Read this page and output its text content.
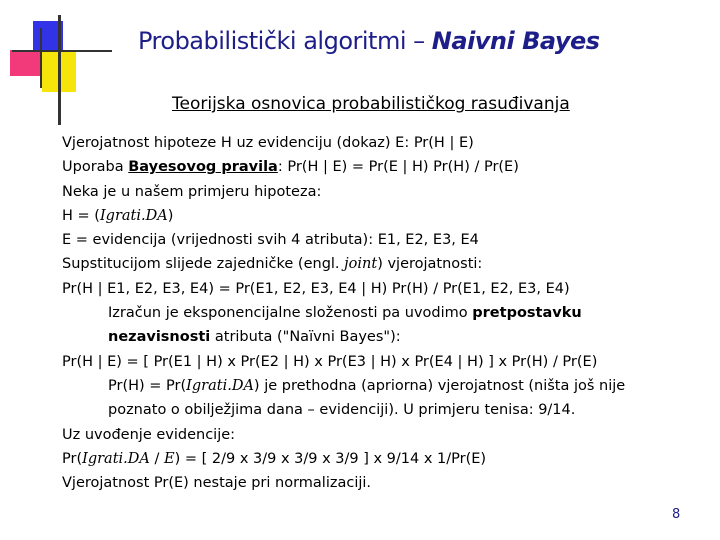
Probabilistički algoritmi – Naivni Bayes
Teorijska osnovica probabilističkog rasuđivanja
Vjerojatnost hipoteze H uz evidenciju (dokaz) E: Pr(H | E)
Uporaba Bayesovog pravila: Pr(H | E) = Pr(E | H) Pr(H) / Pr(E)
Neka je u našem primjeru hipoteza:
H = (Igrati.DA)
E = evidencija (vrijednosti svih 4 atributa): E1, E2, E3, E4
Supstitucijom slijede zajedničke (engl. joint) vjerojatnosti:
Pr(H | E1, E2, E3, E4) = Pr(E1, E2, E3, E4 | H) Pr(H) / Pr(E1, E2, E3, E4)
Izračun je eksponencijalne složenosti pa uvodimo pretpostavku
nezavisnosti atributa ("Naïvni Bayes"):
Pr(H | E) = [ Pr(E1 | H) x Pr(E2 | H) x Pr(E3 | H) x Pr(E4 | H) ] x Pr(H) / Pr(E)
Pr(H) = Pr(Igrati.DA) je prethodna (apriorna) vjerojatnost (ništa još nije
poznato o obilježjima dana – evidenciji). U primjeru tenisa: 9/14.
Uz uvođenje evidencije:
Pr(Igrati.DA / E) = [ 2/9 x 3/9 x 3/9 x 3/9 ] x 9/14 x 1/Pr(E)
Vjerojatnost Pr(E) nestaje pri normalizaciji.
8
